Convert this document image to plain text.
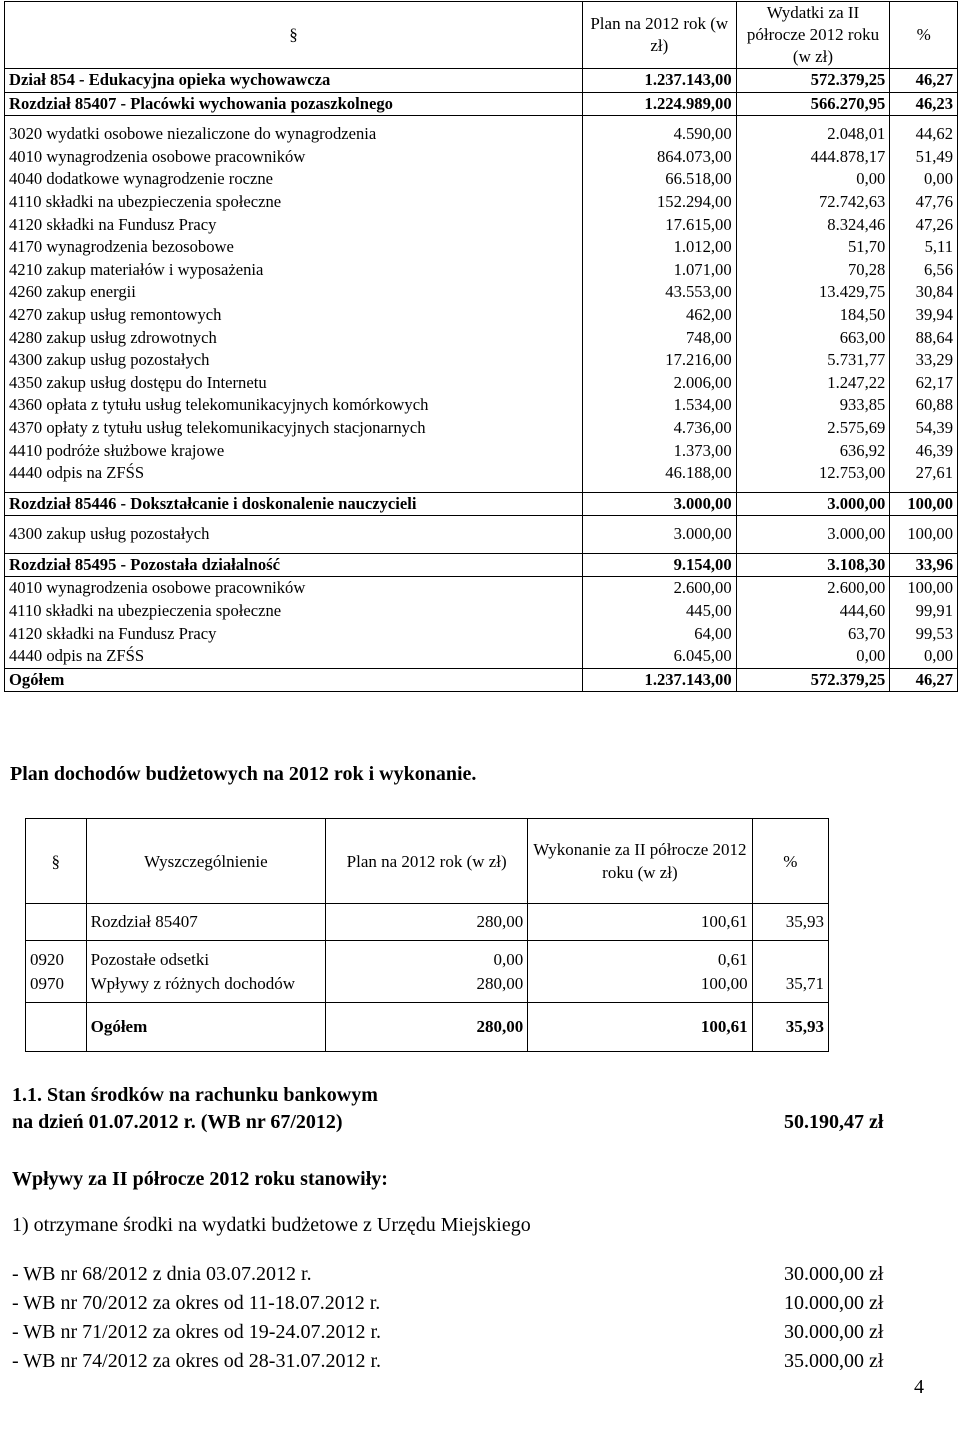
§	Plan na 2012 rok (w zł)	Wydatki za II półrocze 2012 roku (w zł)	%
Dział 854 - Edukacyjna opieka wychowawcza	1.237.143,00	572.379,25	46,27
Rozdział 85407 - Placówki wychowania pozaszkolnego	1.224.989,00	566.270,95	46,23

3020 wydatki osobowe niezaliczone do wynagrodzenia	4.590,00	2.048,01	44,62
4010 wynagrodzenia osobowe pracowników	864.073,00	444.878,17	51,49
4040 dodatkowe wynagrodzenie roczne	66.518,00	0,00	0,00
4110 składki na ubezpieczenia społeczne	152.294,00	72.742,63	47,76
4120 składki na Fundusz Pracy	17.615,00	8.324,46	47,26
4170 wynagrodzenia bezosobowe	1.012,00	51,70	5,11
4210 zakup materiałów i wyposażenia	1.071,00	70,28	6,56
4260 zakup energii	43.553,00	13.429,75	30,84
4270 zakup usług remontowych	462,00	184,50	39,94
4280 zakup usług zdrowotnych	748,00	663,00	88,64
4300 zakup usług pozostałych	17.216,00	5.731,77	33,29
4350 zakup usług dostępu do Internetu	2.006,00	1.247,22	62,17
4360 opłata z tytułu usług telekomunikacyjnych komórkowych	1.534,00	933,85	60,88
4370 opłaty z tytułu usług telekomunikacyjnych stacjonarnych	4.736,00	2.575,69	54,39
4410 podróże służbowe krajowe	1.373,00	636,92	46,39
4440 odpis na ZFŚS	46.188,00	12.753,00	27,61

Rozdział 85446 - Dokształcanie i doskonalenie nauczycieli	3.000,00	3.000,00	100,00

4300 zakup usług pozostałych	3.000,00	3.000,00	100,00

Rozdział 85495 - Pozostała działalność	9.154,00	3.108,30	33,96
4010 wynagrodzenia osobowe pracowników	2.600,00	2.600,00	100,00
4110 składki na ubezpieczenia społeczne	445,00	444,60	99,91
4120 składki na Fundusz Pracy	64,00	63,70	99,53
4440 odpis na ZFŚS	6.045,00	0,00	0,00
Ogółem	1.237.143,00	572.379,25	46,27
Plan dochodów budżetowych na 2012 rok i wykonanie.
§	Wyszczególnienie	Plan na 2012 rok (w zł)	Wykonanie za II półrocze 2012 roku (w zł)	%
	Rozdział 85407	280,00	100,61	35,93

0920	Pozostałe odsetki	0,00	0,61	
0970	Wpływy z różnych dochodów	280,00	100,00	35,71

	Ogółem	280,00	100,61	35,93
1.1. Stan środków na rachunku bankowym
na dzień 01.07.2012 r. (WB nr 67/2012)	50.190,47 zł
Wpływy za II półrocze 2012 roku stanowiły:
1) otrzymane środki na wydatki budżetowe z Urzędu Miejskiego
- WB nr 68/2012 z dnia 03.07.2012 r.	30.000,00 zł
- WB nr 70/2012 za okres od 11-18.07.2012 r.	10.000,00 zł
- WB nr 71/2012 za okres od 19-24.07.2012 r.	30.000,00 zł
- WB nr 74/2012 za okres od 28-31.07.2012 r.	35.000,00 zł
4
